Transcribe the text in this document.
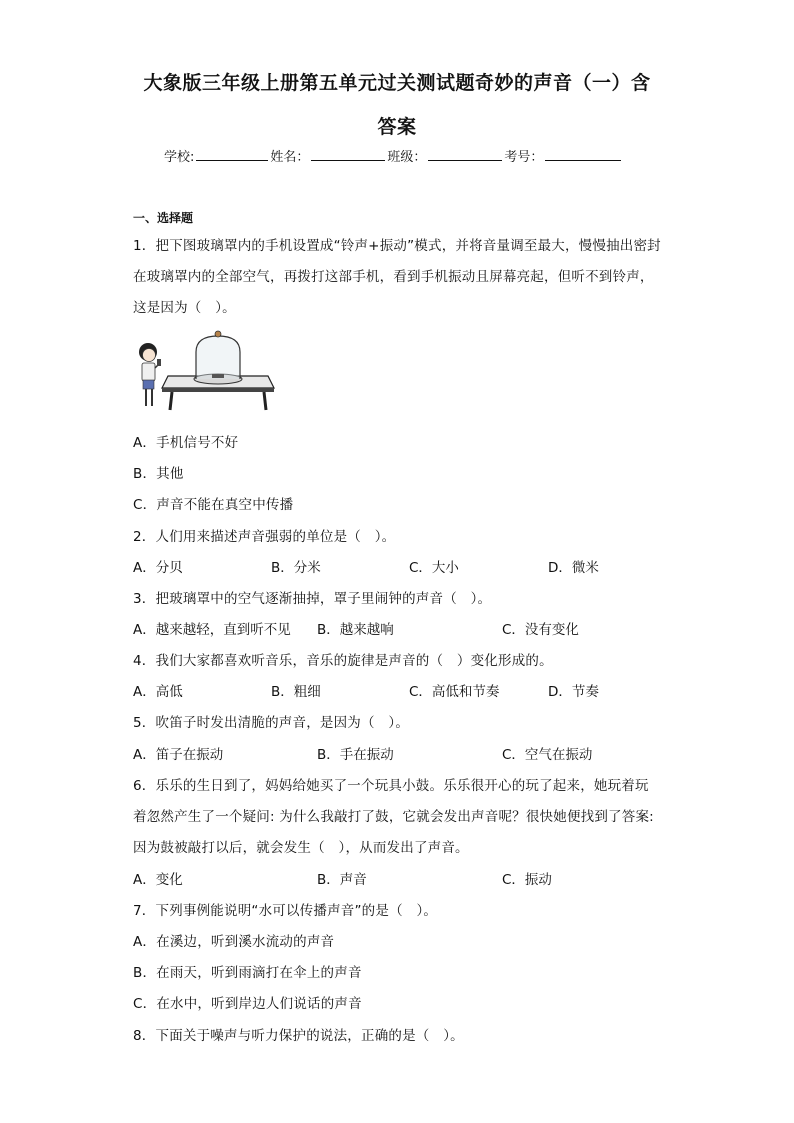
大象版三年级上册第五单元过关测试题奇妙的声音（一）含
答案
学校:	姓名：	班级：	考号：
一、选择题
1．把下图玻璃罩内的手机设置成“铃声+振动”模式，并将音量调至最大，慢慢抽出密封
在玻璃罩内的全部空气，再拨打这部手机，看到手机振动且屏幕亮起，但听不到铃声，
这是因为（　）。
A．手机信号不好
B．其他
C．声音不能在真空中传播
2．人们用来描述声音强弱的单位是（　）。
A．分贝	B．分米	C．大小	D．微米
3．把玻璃罩中的空气逐渐抽掉，罩子里闹钟的声音（　）。
A．越来越轻，直到听不见 B．越来越响	C．没有变化
4．我们大家都喜欢听音乐，音乐的旋律是声音的（　）变化形成的。
A．高低	B．粗细	C．高低和节奏	D．节奏
5．吹笛子时发出清脆的声音，是因为（　）。
A．笛子在振动	B．手在振动	C．空气在振动
6．乐乐的生日到了，妈妈给她买了一个玩具小鼓。乐乐很开心的玩了起来，她玩着玩
着忽然产生了一个疑问: 为什么我敲打了鼓，它就会发出声音呢？很快她便找到了答案:
因为鼓被敲打以后，就会发生（　），从而发出了声音。
A．变化	B．声音	C．振动
7．下列事例能说明“水可以传播声音”的是（　）。
A．在溪边，听到溪水流动的声音
B．在雨天，听到雨滴打在伞上的声音
C．在水中，听到岸边人们说话的声音
8．下面关于噪声与听力保护的说法，正确的是（　）。
